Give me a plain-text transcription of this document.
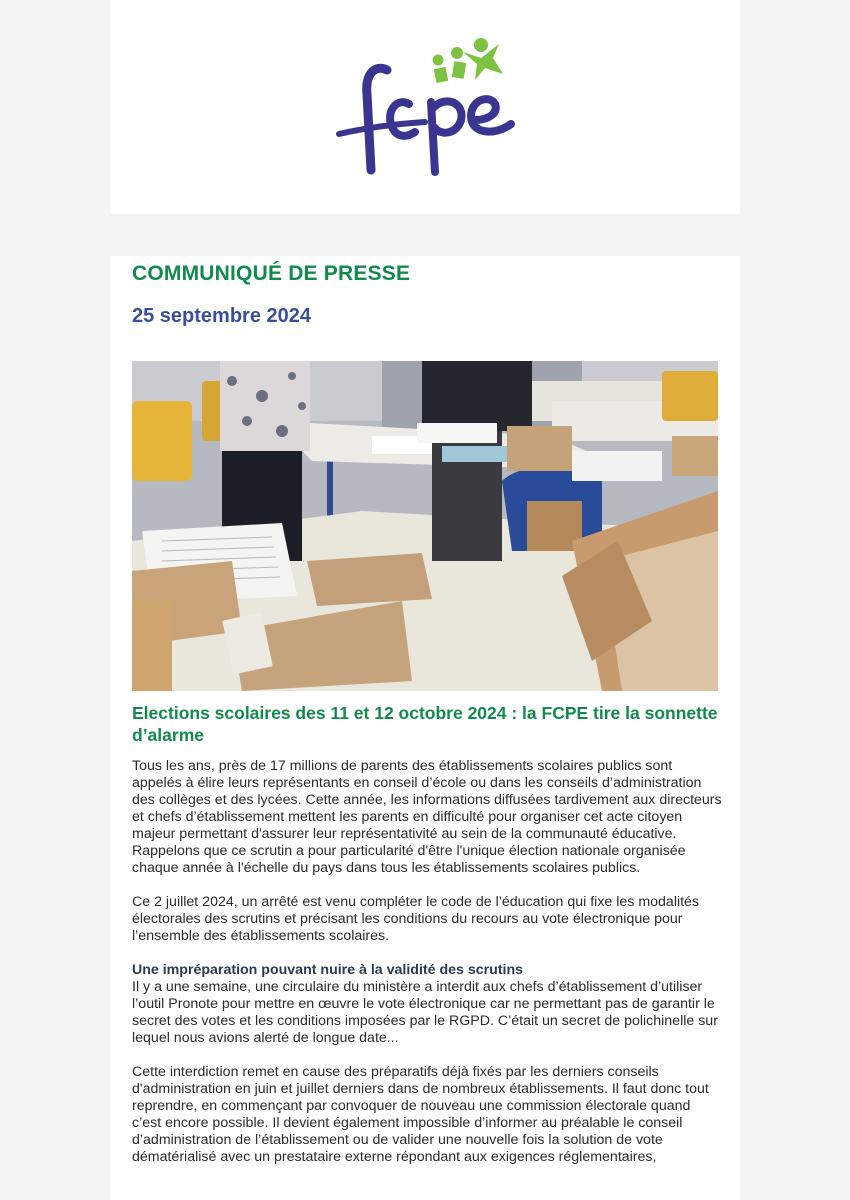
COMMUNIQUÉ DE PRESSE
25 septembre 2024
Elections scolaires des 11 et 12 octobre 2024 : la FCPE tire la sonnette d’alarme

Tous les ans, près de 17 millions de parents des établissements scolaires publics sont appelés à élire leurs représentants en conseil d’école ou dans les conseils d’administration des collèges et des lycées. Cette année, les informations diffusées tardivement aux directeurs et chefs d’établissement mettent les parents en difficulté pour organiser cet acte citoyen majeur permettant d'assurer leur représentativité au sein de la communauté éducative. Rappelons que ce scrutin a pour particularité d'être l'unique élection nationale organisée chaque année à l'échelle du pays dans tous les établissements scolaires publics.

Ce 2 juillet 2024, un arrêté est venu compléter le code de l’éducation qui fixe les modalités électorales des scrutins et précisant les conditions du recours au vote électronique pour l’ensemble des établissements scolaires.

Une impréparation pouvant nuire à la validité des scrutins

Il y a une semaine, une circulaire du ministère a interdit aux chefs d’établissement d’utiliser l’outil Pronote pour mettre en œuvre le vote électronique car ne permettant pas de garantir le secret des votes et les conditions imposées par le RGPD. C’était un secret de polichinelle sur lequel nous avions alerté de longue date...

Cette interdiction remet en cause des préparatifs déjà fixés par les derniers conseils d'administration en juin et juillet derniers dans de nombreux établissements. Il faut donc tout reprendre, en commençant par convoquer de nouveau une commission électorale quand c’est encore possible. Il devient également impossible d’informer au préalable le conseil d’administration de l’établissement ou de valider une nouvelle fois la solution de vote dématérialisé avec un prestataire externe répondant aux exigences réglementaires,
